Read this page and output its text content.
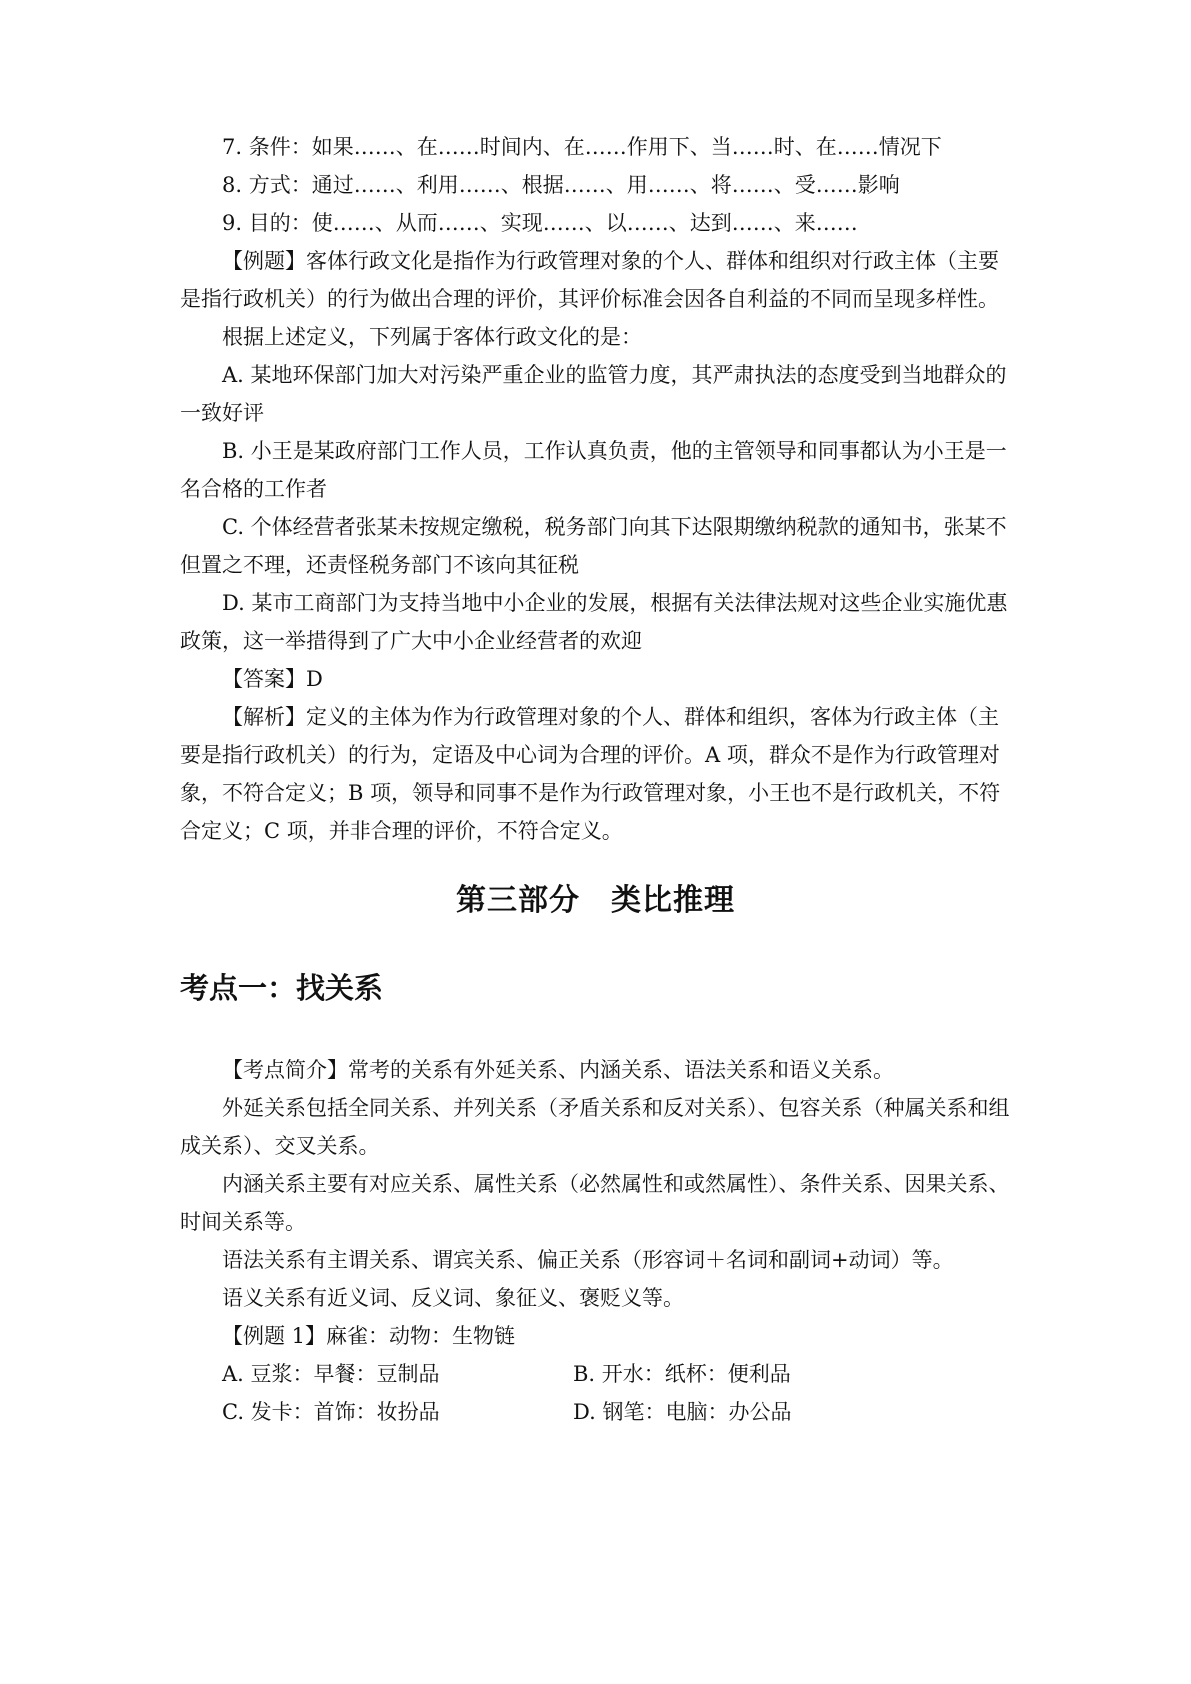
7. 条件：如果……、在……时间内、在……作用下、当……时、在……情况下
8. 方式：通过……、利用……、根据……、用……、将……、受……影响
9. 目的：使……、从而……、实现……、以……、达到……、来……
【例题】客体行政文化是指作为行政管理对象的个人、群体和组织对行政主体（主要
是指行政机关）的行为做出合理的评价，其评价标准会因各自利益的不同而呈现多样性。
根据上述定义，下列属于客体行政文化的是：
A. 某地环保部门加大对污染严重企业的监管力度，其严肃执法的态度受到当地群众的
一致好评
B. 小王是某政府部门工作人员，工作认真负责，他的主管领导和同事都认为小王是一
名合格的工作者
C. 个体经营者张某未按规定缴税，税务部门向其下达限期缴纳税款的通知书，张某不
但置之不理，还责怪税务部门不该向其征税
D. 某市工商部门为支持当地中小企业的发展，根据有关法律法规对这些企业实施优惠
政策，这一举措得到了广大中小企业经营者的欢迎
【答案】D
【解析】定义的主体为作为行政管理对象的个人、群体和组织，客体为行政主体（主
要是指行政机关）的行为，定语及中心词为合理的评价。A 项，群众不是作为行政管理对
象，不符合定义；B 项，领导和同事不是作为行政管理对象，小王也不是行政机关，不符
合定义；C 项，并非合理的评价，不符合定义。
第三部分　类比推理
考点一：找关系
【考点简介】常考的关系有外延关系、内涵关系、语法关系和语义关系。
外延关系包括全同关系、并列关系（矛盾关系和反对关系）、包容关系（种属关系和组
成关系）、交叉关系。
内涵关系主要有对应关系、属性关系（必然属性和或然属性）、条件关系、因果关系、
时间关系等。
语法关系有主谓关系、谓宾关系、偏正关系（形容词＋名词和副词+动词）等。
语义关系有近义词、反义词、象征义、褒贬义等。
【例题 1】麻雀：动物：生物链
A. 豆浆：早餐：豆制品	B. 开水：纸杯：便利品
C. 发卡：首饰：妆扮品	D. 钢笔：电脑：办公品
